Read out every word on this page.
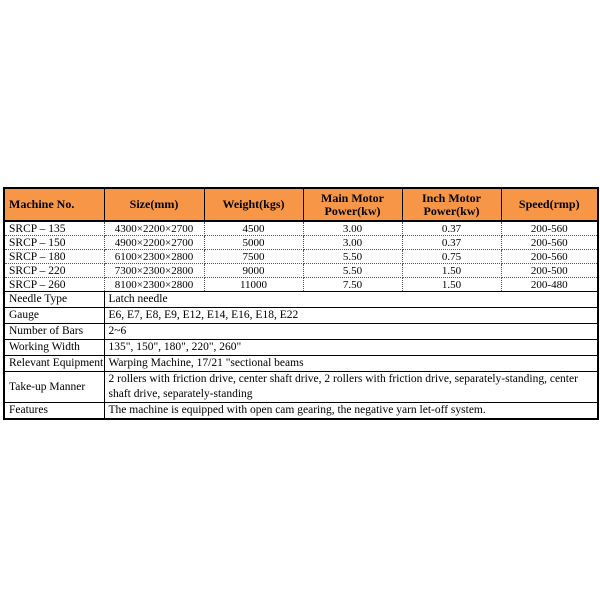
Machine No.	Size(mm)	Weight(kgs)	Main Motor Power(kw)	Inch Motor Power(kw)	Speed(rmp)
SRCP – 135	4300×2200×2700	4500	3.00	0.37	200-560
SRCP – 150	4900×2200×2700	5000	3.00	0.37	200-560
SRCP – 180	6100×2300×2800	7500	5.50	0.75	200-560
SRCP – 220	7300×2300×2800	9000	5.50	1.50	200-500
SRCP – 260	8100×2300×2800	11000	7.50	1.50	200-480
Needle Type	Latch needle				
Gauge	E6, E7, E8, E9, E12, E14, E16, E18, E22				
Number of Bars	2~6				
Working Width	135", 150", 180", 220", 260"				
Relevant Equipment	Warping Machine, 17/21 "sectional beams				
Take-up Manner	2 rollers with friction drive, center shaft drive, 2 rollers with friction drive, separately-standing, center shaft drive, separately-standing				
Features	The machine is equipped with open cam gearing, the negative yarn let-off system.				
